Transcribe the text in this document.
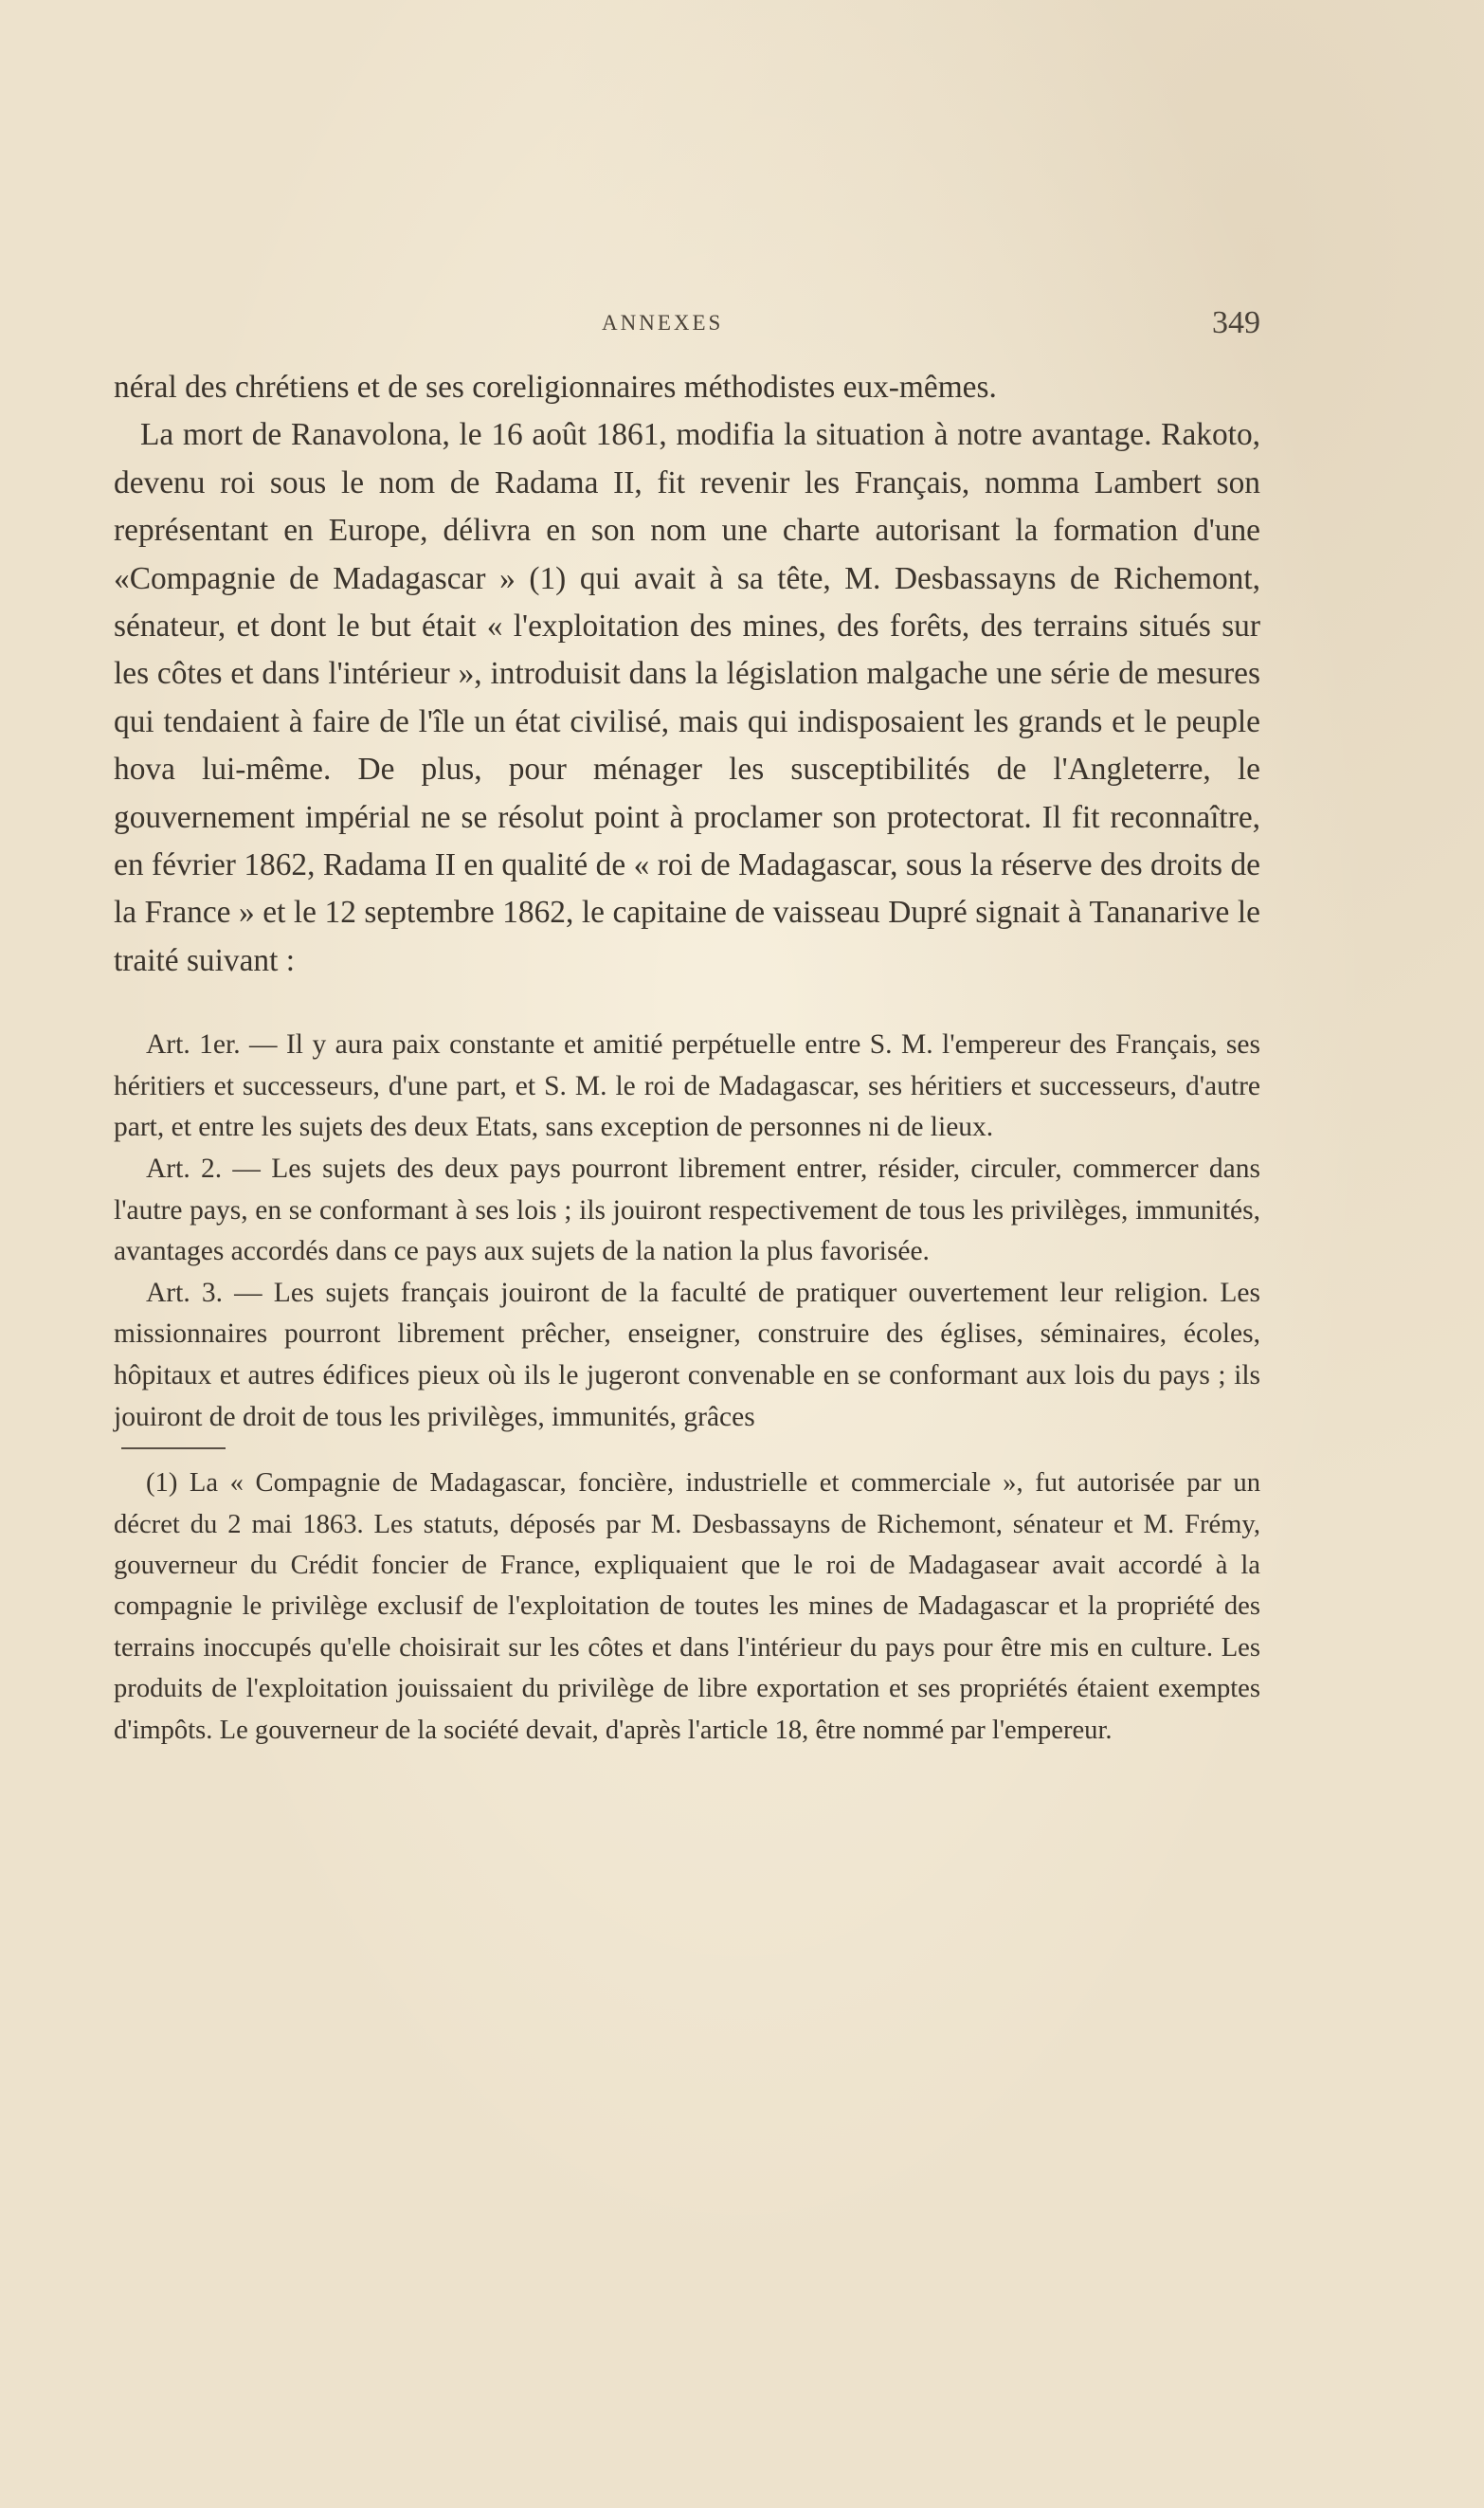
ANNEXES	349

néral des chrétiens et de ses coreligionnaires méthodistes eux-mêmes.

La mort de Ranavolona, le 16 août 1861, modifia la situation à notre avantage. Rakoto, devenu roi sous le nom de Radama II, fit revenir les Français, nomma Lambert son représentant en Europe, délivra en son nom une charte autorisant la formation d'une «Compagnie de Madagascar » (1) qui avait à sa tête, M. Desbassayns de Richemont, sénateur, et dont le but était « l'exploitation des mines, des forêts, des terrains situés sur les côtes et dans l'intérieur », introduisit dans la législation malgache une série de mesures qui tendaient à faire de l'île un état civilisé, mais qui indisposaient les grands et le peuple hova lui-même. De plus, pour ménager les susceptibilités de l'Angleterre, le gouvernement impérial ne se résolut point à proclamer son protectorat. Il fit reconnaître, en février 1862, Radama II en qualité de « roi de Madagascar, sous la réserve des droits de la France » et le 12 septembre 1862, le capitaine de vaisseau Dupré signait à Tananarive le traité suivant :

Art. 1er. — Il y aura paix constante et amitié perpétuelle entre S. M. l'empereur des Français, ses héritiers et successeurs, d'une part, et S. M. le roi de Madagascar, ses héritiers et successeurs, d'autre part, et entre les sujets des deux Etats, sans exception de personnes ni de lieux.

Art. 2. — Les sujets des deux pays pourront librement entrer, résider, circuler, commercer dans l'autre pays, en se conformant à ses lois ; ils jouiront respectivement de tous les privilèges, immunités, avantages accordés dans ce pays aux sujets de la nation la plus favorisée.

Art. 3. — Les sujets français jouiront de la faculté de pratiquer ouvertement leur religion. Les missionnaires pourront librement prêcher, enseigner, construire des églises, séminaires, écoles, hôpitaux et autres édifices pieux où ils le jugeront convenable en se conformant aux lois du pays ; ils jouiront de droit de tous les privilèges, immunités, grâces

(1) La « Compagnie de Madagascar, foncière, industrielle et commerciale », fut autorisée par un décret du 2 mai 1863. Les statuts, déposés par M. Desbassayns de Richemont, sénateur et M. Frémy, gouverneur du Crédit foncier de France, expliquaient que le roi de Madagasear avait accordé à la compagnie le privilège exclusif de l'exploitation de toutes les mines de Madagascar et la propriété des terrains inoccupés qu'elle choisirait sur les côtes et dans l'intérieur du pays pour être mis en culture. Les produits de l'exploitation jouissaient du privilège de libre exportation et ses propriétés étaient exemptes d'impôts. Le gouverneur de la société devait, d'après l'article 18, être nommé par l'empereur.
